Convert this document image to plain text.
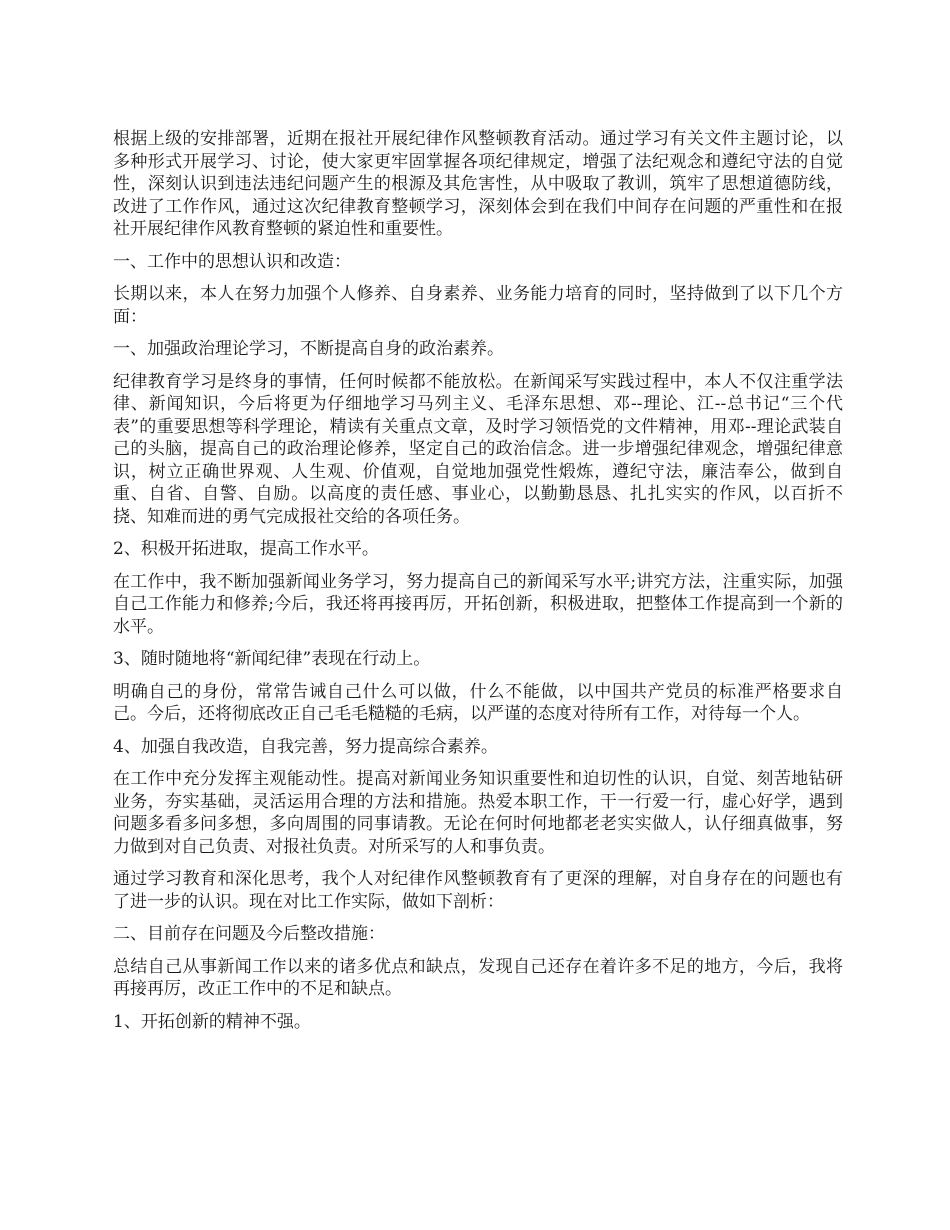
根据上级的安排部署，近期在报社开展纪律作风整顿教育活动。通过学习有关文件主题讨论，以多种形式开展学习、讨论，使大家更牢固掌握各项纪律规定，增强了法纪观念和遵纪守法的自觉性，深刻认识到违法违纪问题产生的根源及其危害性，从中吸取了教训，筑牢了思想道德防线，改进了工作作风，通过这次纪律教育整顿学习，深刻体会到在我们中间存在问题的严重性和在报社开展纪律作风教育整顿的紧迫性和重要性。

一、工作中的思想认识和改造：

长期以来，本人在努力加强个人修养、自身素养、业务能力培育的同时，坚持做到了以下几个方面：

一、加强政治理论学习，不断提高自身的政治素养。

纪律教育学习是终身的事情，任何时候都不能放松。在新闻采写实践过程中，本人不仅注重学法律、新闻知识，今后将更为仔细地学习马列主义、毛泽东思想、邓--理论、江--总书记“三个代表”的重要思想等科学理论，精读有关重点文章，及时学习领悟党的文件精神，用邓--理论武装自己的头脑，提高自己的政治理论修养，坚定自己的政治信念。进一步增强纪律观念，增强纪律意识，树立正确世界观、人生观、价值观，自觉地加强党性煅炼，遵纪守法，廉洁奉公，做到自重、自省、自警、自励。以高度的责任感、事业心，以勤勤恳恳、扎扎实实的作风，以百折不挠、知难而进的勇气完成报社交给的各项任务。

2、积极开拓进取，提高工作水平。

在工作中，我不断加强新闻业务学习，努力提高自己的新闻采写水平;讲究方法，注重实际，加强自己工作能力和修养;今后，我还将再接再厉，开拓创新，积极进取，把整体工作提高到一个新的水平。

3、随时随地将“新闻纪律”表现在行动上。

明确自己的身份，常常告诫自己什么可以做，什么不能做，以中国共产党员的标准严格要求自己。今后，还将彻底改正自己毛毛糙糙的毛病，以严谨的态度对待所有工作，对待每一个人。

4、加强自我改造，自我完善，努力提高综合素养。

在工作中充分发挥主观能动性。提高对新闻业务知识重要性和迫切性的认识，自觉、刻苦地钻研业务，夯实基础，灵活运用合理的方法和措施。热爱本职工作，干一行爱一行，虚心好学，遇到问题多看多问多想，多向周围的同事请教。无论在何时何地都老老实实做人，认仔细真做事，努力做到对自己负责、对报社负责。对所采写的人和事负责。

通过学习教育和深化思考，我个人对纪律作风整顿教育有了更深的理解，对自身存在的问题也有了进一步的认识。现在对比工作实际，做如下剖析：

二、目前存在问题及今后整改措施：

总结自己从事新闻工作以来的诸多优点和缺点，发现自己还存在着许多不足的地方，今后，我将再接再厉，改正工作中的不足和缺点。

1、开拓创新的精神不强。
